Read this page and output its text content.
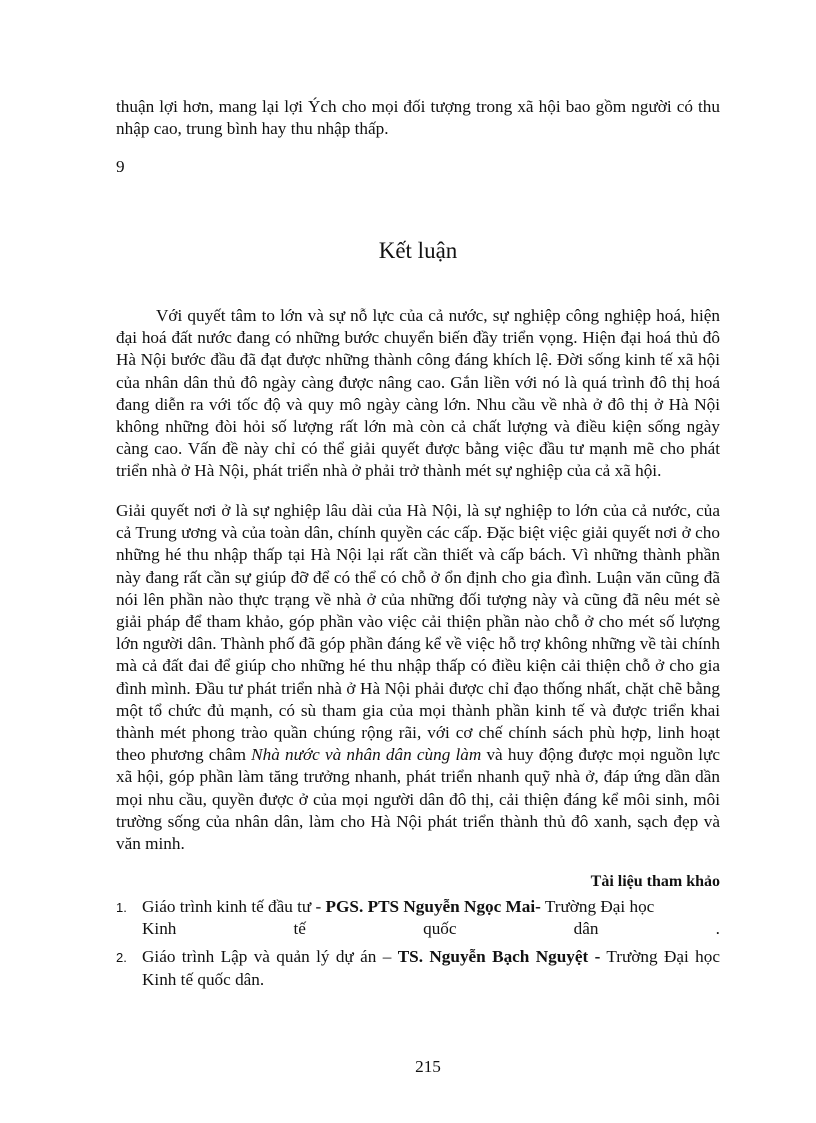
thuận lợi hơn, mang lại lợi Ých cho mọi đối tượng trong xã hội bao gồm người có thu nhập cao, trung bình hay thu nhập thấp.
9
Kết luận
Với quyết tâm to lớn và sự nỗ lực của cả nước, sự nghiệp công nghiệp hoá, hiện đại hoá đất nước đang có những bước chuyển biến đầy triển vọng. Hiện đại hoá thủ đô Hà Nội bước đầu đã đạt được những thành công đáng khích lệ. Đời sống kinh tế xã hội của nhân dân thủ đô ngày càng được nâng cao. Gắn liền với nó là quá trình đô thị hoá đang diễn ra với tốc độ và quy mô ngày càng lớn. Nhu cầu về nhà ở đô thị ở Hà Nội không những đòi hỏi số lượng rất lớn mà còn cả chất lượng và điều kiện sống ngày càng cao. Vấn đề này chỉ có thể giải quyết được bằng việc đầu tư mạnh mẽ cho phát triển nhà ở Hà Nội, phát triển nhà ở phải trở thành mét sự nghiệp của cả xã hội.
Giải quyết nơi ở là sự nghiệp lâu dài của Hà Nội, là sự nghiệp to lớn của cả nước, của cả Trung ương và của toàn dân, chính quyền các cấp. Đặc biệt việc giải quyết nơi ở cho những hé thu nhập thấp tại Hà Nội lại rất cần thiết và cấp bách. Vì những thành phần này đang rất cần sự giúp đỡ để có thể có chỗ ở ổn định cho gia đình. Luận văn cũng đã nói lên phần nào thực trạng về nhà ở của những đối tượng này và cũng đã nêu mét sè giải pháp để tham khảo, góp phần vào việc cải thiện phần nào chỗ ở cho mét số lượng lớn người dân. Thành phố đã góp phần đáng kể về việc hỗ trợ không những về tài chính mà cả đất đai để giúp cho những hé thu nhập thấp có điều kiện cải thiện chỗ ở cho gia đình mình. Đầu tư phát triển nhà ở Hà Nội phải được chỉ đạo thống nhất, chặt chẽ bằng một tổ chức đủ mạnh, có sù tham gia của mọi thành phần kinh tế và được triển khai thành mét phong trào quần chúng rộng rãi, với cơ chế chính sách phù hợp, linh hoạt theo phương châm Nhà nước và nhân dân cùng làm và huy động được mọi nguồn lực xã hội, góp phần làm tăng trưởng nhanh, phát triển nhanh quỹ nhà ở, đáp ứng dần dần mọi nhu cầu, quyền được ở của mọi người dân đô thị, cải thiện đáng kể môi sinh, môi trường sống của nhân dân, làm cho Hà Nội phát triển thành thủ đô xanh, sạch đẹp và văn minh.
Tài liệu tham khảo
1. Giáo trình kinh tế đầu tư - PGS. PTS Nguyễn Ngọc Mai- Trường Đại học
Kinh	tế	quốc	dân	.
2. Giáo trình Lập và quản lý dự án – TS. Nguyễn Bạch Nguyệt - Trường Đại học Kinh tế quốc dân.
215
